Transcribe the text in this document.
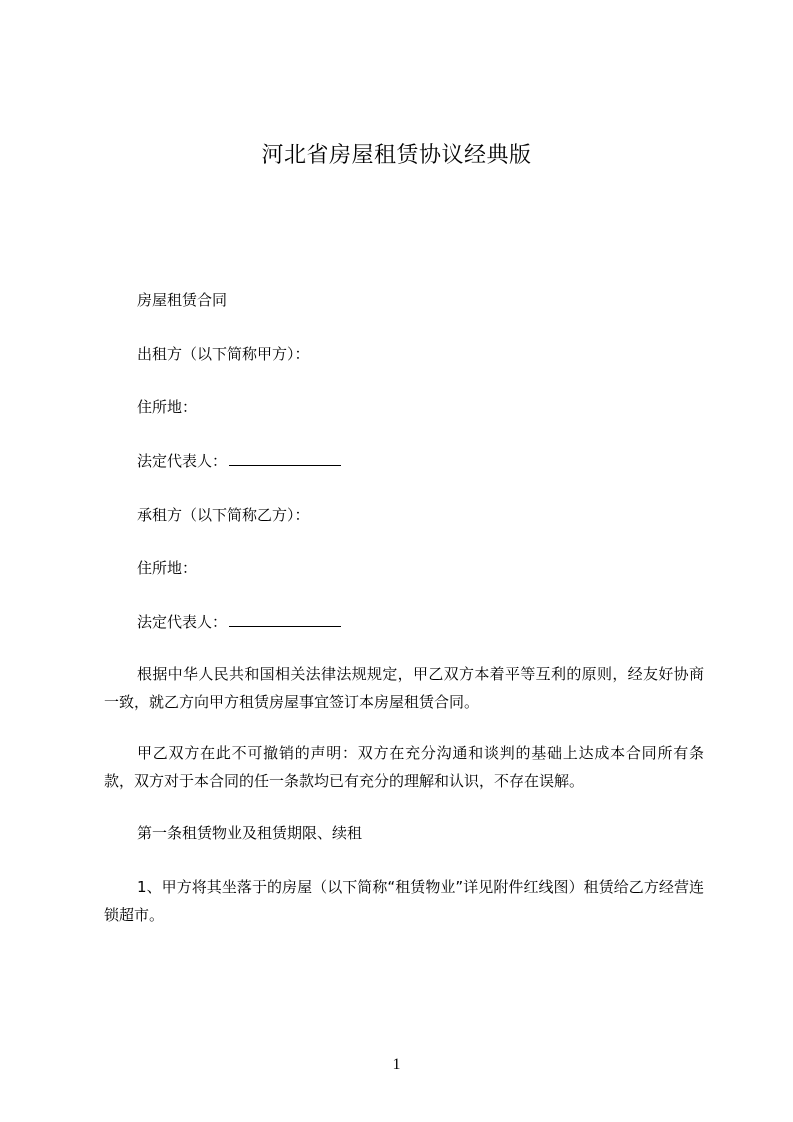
河北省房屋租赁协议经典版
房屋租赁合同
出租方（以下简称甲方）：
住所地：
法定代表人：
承租方（以下简称乙方）：
住所地：
法定代表人：
根据中华人民共和国相关法律法规规定，甲乙双方本着平等互利的原则，经友好协商一致，就乙方向甲方租赁房屋事宜签订本房屋租赁合同。
甲乙双方在此不可撤销的声明：双方在充分沟通和谈判的基础上达成本合同所有条款，双方对于本合同的任一条款均已有充分的理解和认识，不存在误解。
第一条租赁物业及租赁期限、续租
1、甲方将其坐落于的房屋（以下简称“租赁物业”详见附件红线图）租赁给乙方经营连锁超市。
1
